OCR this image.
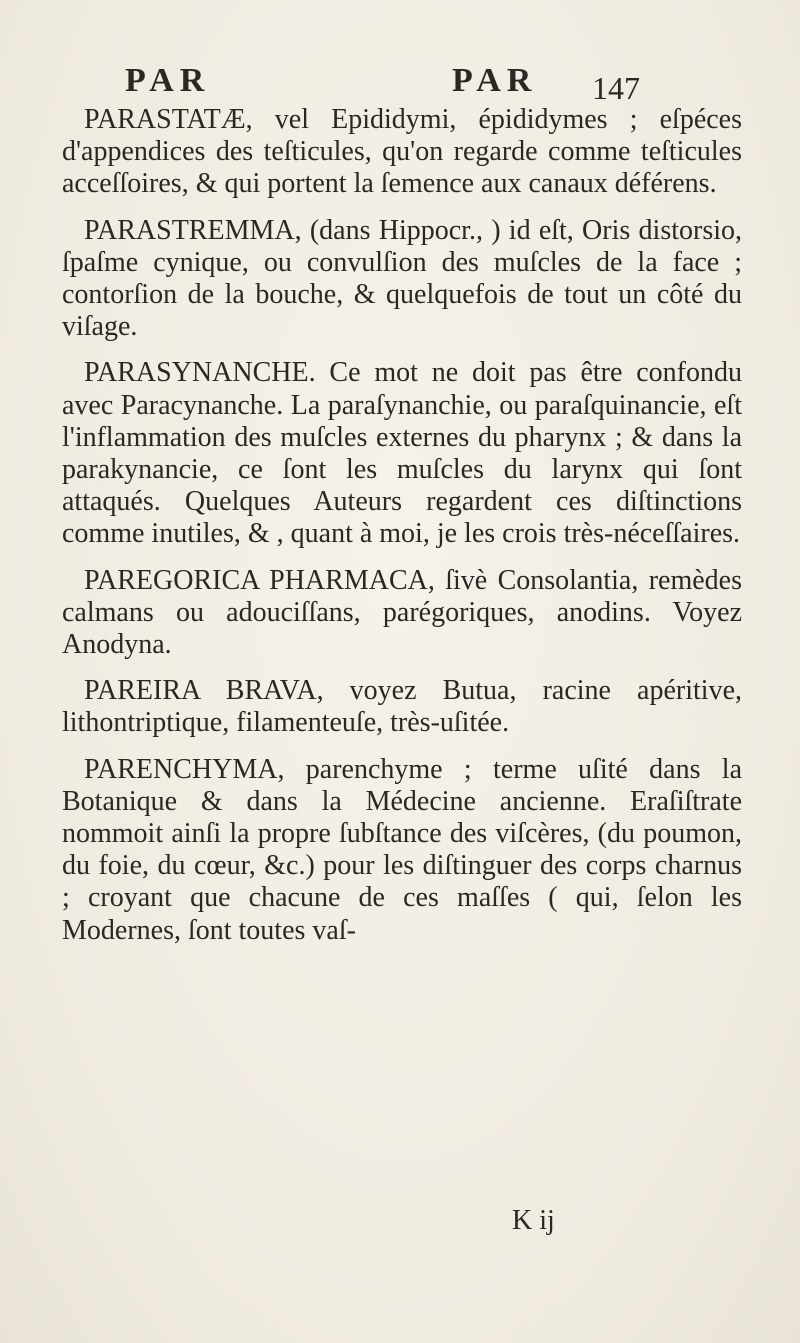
PAR	PAR 147

PARASTATÆ, vel Epididymi, épididymes ; eſpéces d'appendices des teſticules, qu'on regarde comme teſticules acceſſoires, & qui portent la ſemence aux canaux déférens.

PARASTREMMA, (dans Hippocr., ) id eſt, Oris distorsio, ſpaſme cynique, ou convulſion des muſcles de la face ; contorſion de la bouche, & quelquefois de tout un côté du viſage.

PARASYNANCHE. Ce mot ne doit pas être confondu avec Paracynanche. La paraſynanchie, ou paraſquinancie, eſt l'inflammation des muſcles externes du pharynx ; & dans la parakynancie, ce ſont les muſcles du larynx qui ſont attaqués. Quelques Auteurs regardent ces diſtinctions comme inutiles, & , quant à moi, je les crois très-néceſſaires.

PAREGORICA PHARMACA, ſivè Consolantia, remèdes calmans ou adouciſſans, parégoriques, anodins. Voyez Anodyna.

PAREIRA BRAVA, voyez Butua, racine apéritive, lithontriptique, filamenteuſe, très-uſitée.

PARENCHYMA, parenchyme ; terme uſité dans la Botanique & dans la Médecine ancienne. Eraſiſtrate nommoit ainſi la propre ſubſtance des viſcères, (du poumon, du foie, du cœur, &c.) pour les diſtinguer des corps charnus ; croyant que chacune de ces maſſes ( qui, ſelon les Modernes, ſont toutes vaſ-

K ij
